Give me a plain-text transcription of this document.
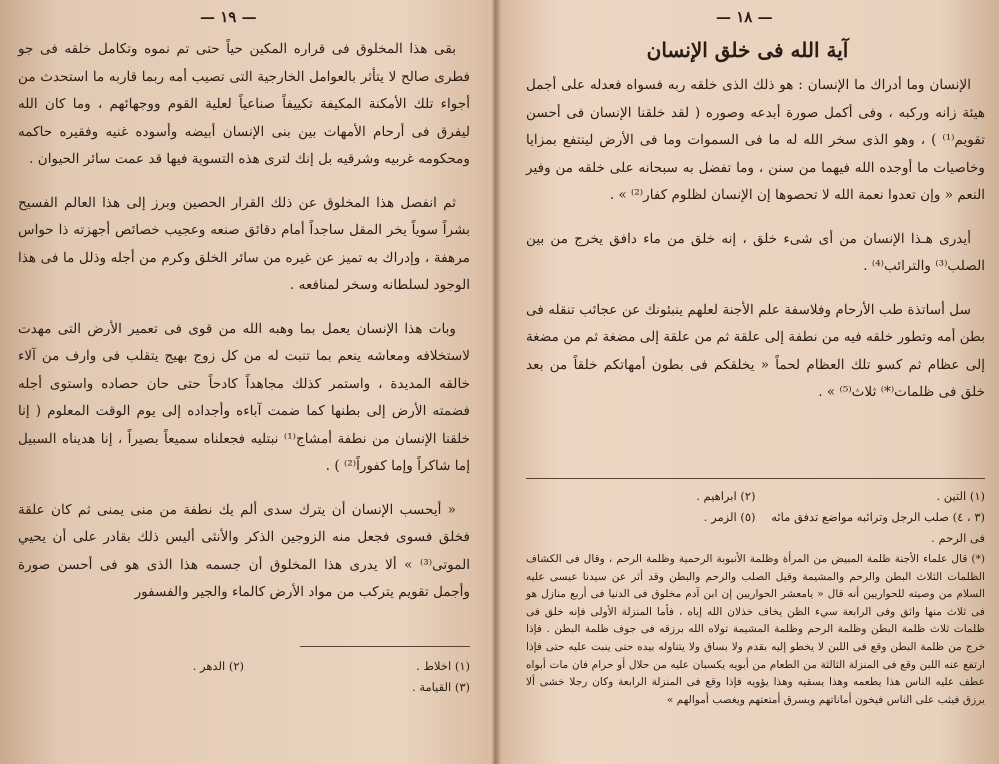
— ١٩ —

بقى هذا المخلوق فى قراره المكين حياً حتى تم نموه وتكامل خلقه فى جو فطرى صالح لا يتأثر بالعوامل الخارجية التى تصيب أمه ربما قاربه ما استحدث من أجواء تلك الأمكنة المكيفة تكييفاً صناعياً لعلية القوم ووجهائهم ، وما كان الله ليفرق فى أرحام الأمهات بين بنى الإنسان أبيضه وأسوده غنيه وفقيره حاكمه ومحكومه غربيه وشرقيه بل إنك لترى هذه التسوية فيها قد عمت سائر الحيوان .

ثم انفصل هذا المخلوق عن ذلك القرار الحصين وبرز إلى هذا العالم الفسيح بشراً سوياً يخر المقل ساجداً أمام دقائق صنعه وعجيب خصائص أجهزته ذا حواس مرهفة ، وإدراك به تميز عن غيره من سائر الخلق وكرم من أجله وذلل ما فى هذا الوجود لسلطانه وسخر لمنافعه .

وبات هذا الإنسان يعمل بما وهبه الله من قوى فى تعمير الأرض التى مهدت لاستخلافه ومعاشه ينعم بما تنبت له من كل زوج بهيج يتقلب فى وارف من آلاء خالقه المديدة ، واستمر كذلك مجاهداً كادحاً حتى حان حصاده واستوى أجله فضمته الأرض إلى بطنها كما ضمت آباءه وأجداده إلى يوم الوقت المعلوم ( إنا خلقنا الإنسان من نطفة أمشاج⁽¹⁾ نبتليه فجعلناه سميعاً بصيراً ، إنا هديناه السبيل إما شاكراً وإما كفوراً⁽²⁾ ) .

« أيحسب الإنسان أن يترك سدى ألم يك نطفة من منى يمنى ثم كان علقة فخلق فسوى فجعل منه الزوجين الذكر والأنثى أليس ذلك بقادر على أن يحيي الموتى⁽³⁾ » ألا يدرى هذا المخلوق أن جسمه هذا الذى هو فى أحسن صورة وأجمل تقويم يتركب من مواد الأرض كالماء والجير والفسفور

(١) اخلاط .
(٢) الدهر .
(٣) القيامة .
— ١٨ —
آية الله فى خلق الإنسان

الإنسان وما أدراك ما الإنسان : هو ذلك الذى خلقه ربه فسواه فعدله على أجمل هيئة زانه وركبه ، وفى أكمل صورة أبدعه وصوره ( لقد خلقنا الإنسان فى أحسن تقويم⁽¹⁾ ) ، وهو الذى سخر الله له ما فى السموات وما فى الأرض لينتفع بمزايا وخاصيات ما أوجده الله فيهما من سنن ، وما تفضل به سبحانه على خلقه من وفير النعم « وإن تعدوا نعمة الله لا تحصوها إن الإنسان لظلوم كفار⁽²⁾ » .

أيدرى هـذا الإنسان من أى شىء خلق ، إنه خلق من ماء دافق يخرج من بين الصلب⁽³⁾ والترائب⁽⁴⁾ .

سل أساتذة طب الأرحام وفلاسفة علم الأجنة لعلهم ينبئونك عن عجائب تنقله فى بطن أمه وتطور خلقه فيه من نطفة إلى علقة ثم من علقة إلى مضغة ثم من مضغة إلى عظام ثم كسو تلك العظام لحماً « يخلقكم فى بطون أمهاتكم خلقاً من بعد خلق فى ظلمات⁽*⁾ ثلاث⁽⁵⁾ » .

(١) التين .
(٢) ابراهيم .
(٣ ، ٤) صلب الرجل وترائبه مواضع تدفق مائه فى الرحم .
(٥) الزمر .
(*) قال علماء الأجنة ظلمة المبيض من المرأة وظلمة الأنبوبة الرحمية وظلمة الرحم ، وقال فى الكشاف الظلمات الثلاث البطن والرحم والمشيمة وقيل الصلب والرحم والبطن وقد أثر عن سيدنا عيسى عليه السلام من وصيته للحواريين أنه قال « يامعشر الحواريين إن ابن آدم مخلوق فى الدنيا فى أربع منازل هو فى ثلاث منها واثق وفى الرابعة سيء الظن يخاف خذلان الله إياه ، فأما المنزلة الأولى فإنه خلق فى ظلمات ثلاث ظلمة البطن وظلمة الرحم وظلمة المشيمة تولاه الله برزقه فى جوف ظلمة البطن . فإذا خرج من ظلمة البطن وقع فى اللبن لا يخطو إليه بقدم ولا بساق ولا يتناوله بيده حتى ينبت عليه حتى فإذا ارتفع عنه اللبن وقع فى المنزلة الثالثة من الطعام من أبويه يكسبان عليه من حلال أو حرام فان مات أبواه عطف عليه الناس هذا يطعمه وهذا يسقيه وهذا يؤويه فإذا وقع فى المنزلة الرابعة وكان رجلا خشى ألا يرزق فيثب على الناس فيخون أماناتهم ويسرق أمتعتهم ويغصب أموالهم »
